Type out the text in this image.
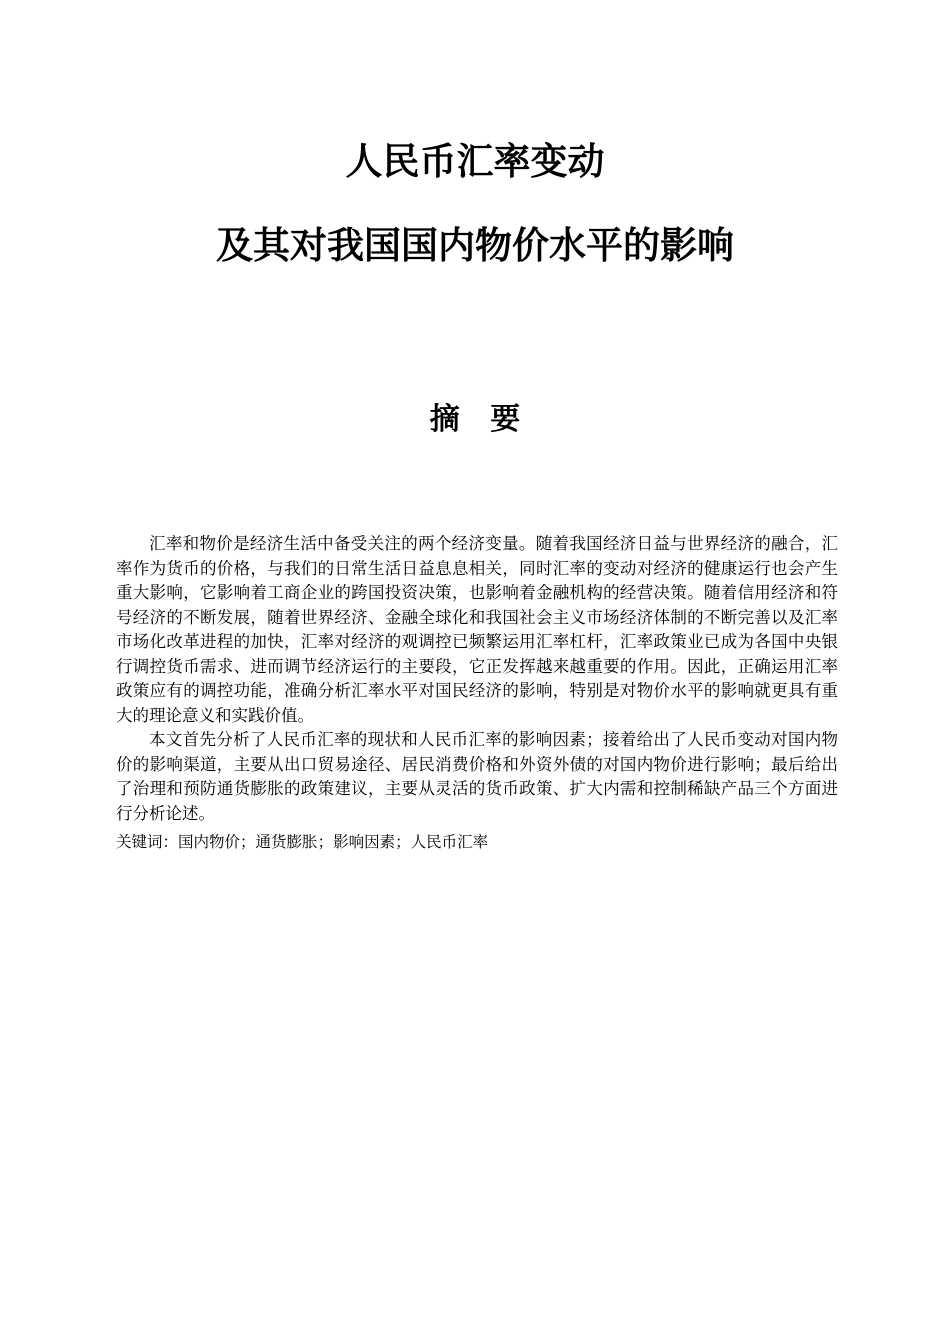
人民币汇率变动
及其对我国国内物价水平的影响
摘 要

汇率和物价是经济生活中备受关注的两个经济变量。随着我国经济日益与世界经济的融合，汇率作为货币的价格，与我们的日常生活日益息息相关，同时汇率的变动对经济的健康运行也会产生重大影响，它影响着工商企业的跨国投资决策，也影响着金融机构的经营决策。随着信用经济和符号经济的不断发展，随着世界经济、金融全球化和我国社会主义市场经济体制的不断完善以及汇率市场化改革进程的加快，汇率对经济的观调控已频繁运用汇率杠杆，汇率政策业已成为各国中央银行调控货币需求、进而调节经济运行的主要段，它正发挥越来越重要的作用。因此，正确运用汇率政策应有的调控功能，准确分析汇率水平对国民经济的影响，特别是对物价水平的影响就更具有重大的理论意义和实践价值。

本文首先分析了人民币汇率的现状和人民币汇率的影响因素；接着给出了人民币变动对国内物价的影响渠道，主要从出口贸易途径、居民消费价格和外资外债的对国内物价进行影响；最后给出了治理和预防通货膨胀的政策建议，主要从灵活的货币政策、扩大内需和控制稀缺产品三个方面进行分析论述。

关键词：国内物价；通货膨胀；影响因素；人民币汇率
